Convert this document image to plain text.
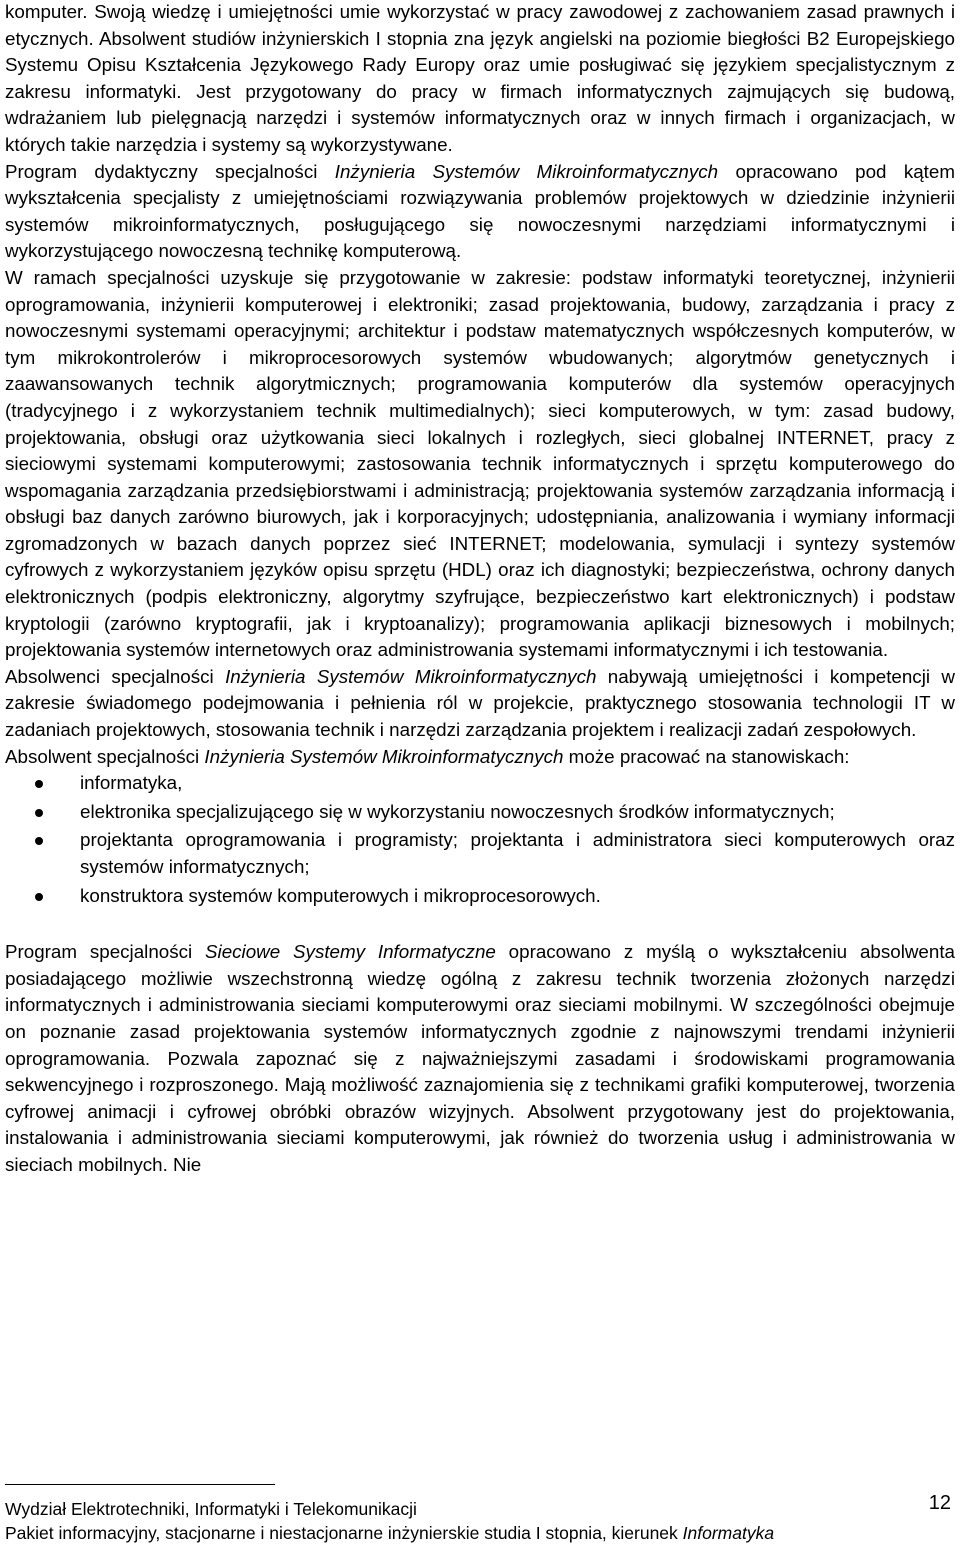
komputer. Swoją wiedzę i umiejętności umie wykorzystać w pracy zawodowej z zachowaniem zasad prawnych i etycznych. Absolwent studiów inżynierskich I stopnia zna język angielski na poziomie biegłości B2 Europejskiego Systemu Opisu Kształcenia Językowego Rady Europy oraz umie posługiwać się językiem specjalistycznym z zakresu informatyki. Jest przygotowany do pracy w firmach informatycznych zajmujących się budową, wdrażaniem lub pielęgnacją narzędzi i systemów informatycznych oraz w innych firmach i organizacjach, w których takie narzędzia i systemy są wykorzystywane.

Program dydaktyczny specjalności Inżynieria Systemów Mikroinformatycznych opracowano pod kątem wykształcenia specjalisty z umiejętnościami rozwiązywania problemów projektowych w dziedzinie inżynierii systemów mikroinformatycznych, posługującego się nowoczesnymi narzędziami informatycznymi i wykorzystującego nowoczesną technikę komputerową.

W ramach specjalności uzyskuje się przygotowanie w zakresie: podstaw informatyki teoretycznej, inżynierii oprogramowania, inżynierii komputerowej i elektroniki; zasad projektowania, budowy, zarządzania i pracy z nowoczesnymi systemami operacyjnymi; architektur i podstaw matematycznych współczesnych komputerów, w tym mikrokontrolerów i mikroprocesorowych systemów wbudowanych; algorytmów genetycznych i zaawansowanych technik algorytmicznych; programowania komputerów dla systemów operacyjnych (tradycyjnego i z wykorzystaniem technik multimedialnych); sieci komputerowych, w tym: zasad budowy, projektowania, obsługi oraz użytkowania sieci lokalnych i rozległych, sieci globalnej INTERNET, pracy z sieciowymi systemami komputerowymi; zastosowania technik informatycznych i sprzętu komputerowego do wspomagania zarządzania przedsiębiorstwami i administracją; projektowania systemów zarządzania informacją i obsługi baz danych zarówno biurowych, jak i korporacyjnych; udostępniania, analizowania i wymiany informacji zgromadzonych w bazach danych poprzez sieć INTERNET; modelowania, symulacji i syntezy systemów cyfrowych z wykorzystaniem języków opisu sprzętu (HDL) oraz ich diagnostyki; bezpieczeństwa, ochrony danych elektronicznych (podpis elektroniczny, algorytmy szyfrujące, bezpieczeństwo kart elektronicznych) i podstaw kryptologii (zarówno kryptografii, jak i kryptoanalizy); programowania aplikacji biznesowych i mobilnych; projektowania systemów internetowych oraz administrowania systemami informatycznymi i ich testowania.

Absolwenci specjalności Inżynieria Systemów Mikroinformatycznych nabywają umiejętności i kompetencji w zakresie świadomego podejmowania i pełnienia ról w projekcie, praktycznego stosowania technologii IT w zadaniach projektowych, stosowania technik i narzędzi zarządzania projektem i realizacji zadań zespołowych.

Absolwent specjalności Inżynieria Systemów Mikroinformatycznych może pracować na stanowiskach:

informatyka,
elektronika specjalizującego się w wykorzystaniu nowoczesnych środków informatycznych;
projektanta oprogramowania i programisty; projektanta i administratora sieci komputerowych oraz systemów informatycznych;
konstruktora systemów komputerowych i mikroprocesorowych.

Program specjalności Sieciowe Systemy Informatyczne opracowano z myślą o wykształceniu absolwenta posiadającego możliwie wszechstronną wiedzę ogólną z zakresu technik tworzenia złożonych narzędzi informatycznych i administrowania sieciami komputerowymi oraz sieciami mobilnymi. W szczególności obejmuje on poznanie zasad projektowania systemów informatycznych zgodnie z najnowszymi trendami inżynierii oprogramowania. Pozwala zapoznać się z najważniejszymi zasadami i środowiskami programowania sekwencyjnego i rozproszonego. Mają możliwość zaznajomienia się z technikami grafiki komputerowej, tworzenia cyfrowej animacji i cyfrowej obróbki obrazów wizyjnych. Absolwent przygotowany jest do projektowania, instalowania i administrowania sieciami komputerowymi, jak również do tworzenia usług i administrowania w sieciach mobilnych. Nie

Wydział Elektrotechniki, Informatyki i Telekomunikacji
Pakiet informacyjny, stacjonarne i niestacjonarne inżynierskie studia I stopnia, kierunek Informatyka
12
